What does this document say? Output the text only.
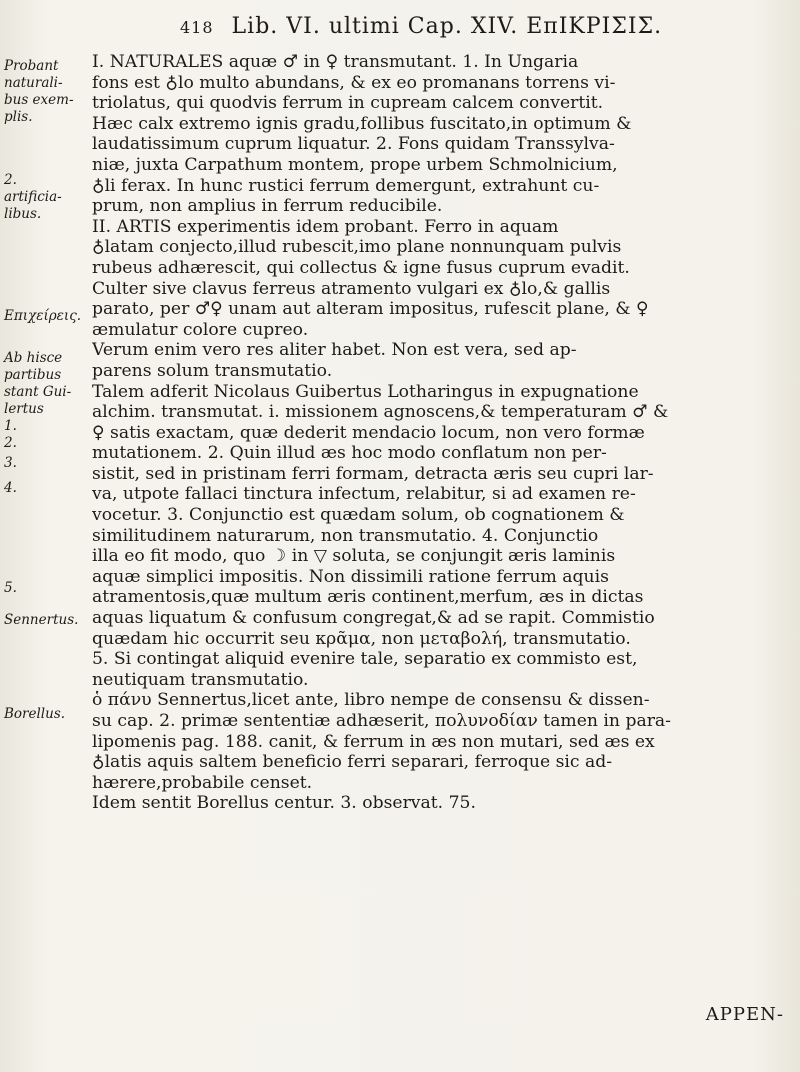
418 Lib. VI. ultimi Cap. XIV. EπIKPIΣIΣ.
Probant
naturali-
bus exem-
plis.
2.
artificia-
libus.
Επιχείρεις.
Ab hisce
partibus
stant Gui-
lertus
1.
2.
3.
4.
5.
Sennertus.
Borellus.
I. NATURALES aquæ ♂ in ♀ transmutant. 1. In Ungaria
fons est ♁lo multo abundans, & ex eo promanans torrens vi-
triolatus, qui quodvis ferrum in cupream calcem convertit.
Hæc calx extremo ignis gradu,follibus fuscitato,in optimum &
laudatissimum cuprum liquatur. 2. Fons quidam Transsylva-
niæ, juxta Carpathum montem, prope urbem Schmolnicium,
♁li ferax. In hunc rustici ferrum demergunt, extrahunt cu-
prum, non amplius in ferrum reducibile.
II. ARTIS experimentis idem probant. Ferro in aquam
♁latam conjecto,illud rubescit,imo plane nonnunquam pulvis
rubeus adhærescit, qui collectus & igne fusus cuprum evadit.
Culter sive clavus ferreus atramento vulgari ex ♁lo,& gallis
parato, per ♂♀ unam aut alteram impositus, rufescit plane, & ♀
æmulatur colore cupreo.
Verum enim vero res aliter habet. Non est vera, sed ap-
parens solum transmutatio.
Talem adferit Nicolaus Guibertus Lotharingus in expugnatione
alchim. transmutat. i. missionem agnoscens,& temperaturam ♂ &
♀ satis exactam, quæ dederit mendacio locum, non vero formæ
mutationem. 2. Quin illud æs hoc modo conflatum non per-
sistit, sed in pristinam ferri formam, detracta æris seu cupri lar-
va, utpote fallaci tinctura infectum, relabitur, si ad examen re-
vocetur. 3. Conjunctio est quædam solum, ob cognationem &
similitudinem naturarum, non transmutatio. 4. Conjunctio
illa eo fit modo, quo ☽ in ▽ soluta, se conjungit æris laminis
aquæ simplici impositis. Non dissimili ratione ferrum aquis
atramentosis,quæ multum æris continent,merfum, æs in dictas
aquas liquatum & confusum congregat,& ad se rapit. Commistio
quædam hic occurrit seu κρᾶμα, non μεταβολή, transmutatio.
5. Si contingat aliquid evenire tale, separatio ex commisto est,
neutiquam transmutatio.
ὁ πάνυ Sennertus,licet ante, libro nempe de consensu & dissen-
su cap. 2. primæ sententiæ adhæserit, πολυνοδίαν tamen in para-
lipomenis pag. 188. canit, & ferrum in æs non mutari, sed æs ex
♁latis aquis saltem beneficio ferri separari, ferroque sic ad-
hærere,probabile censet.
Idem sentit Borellus centur. 3. observat. 75.
APPEN-
